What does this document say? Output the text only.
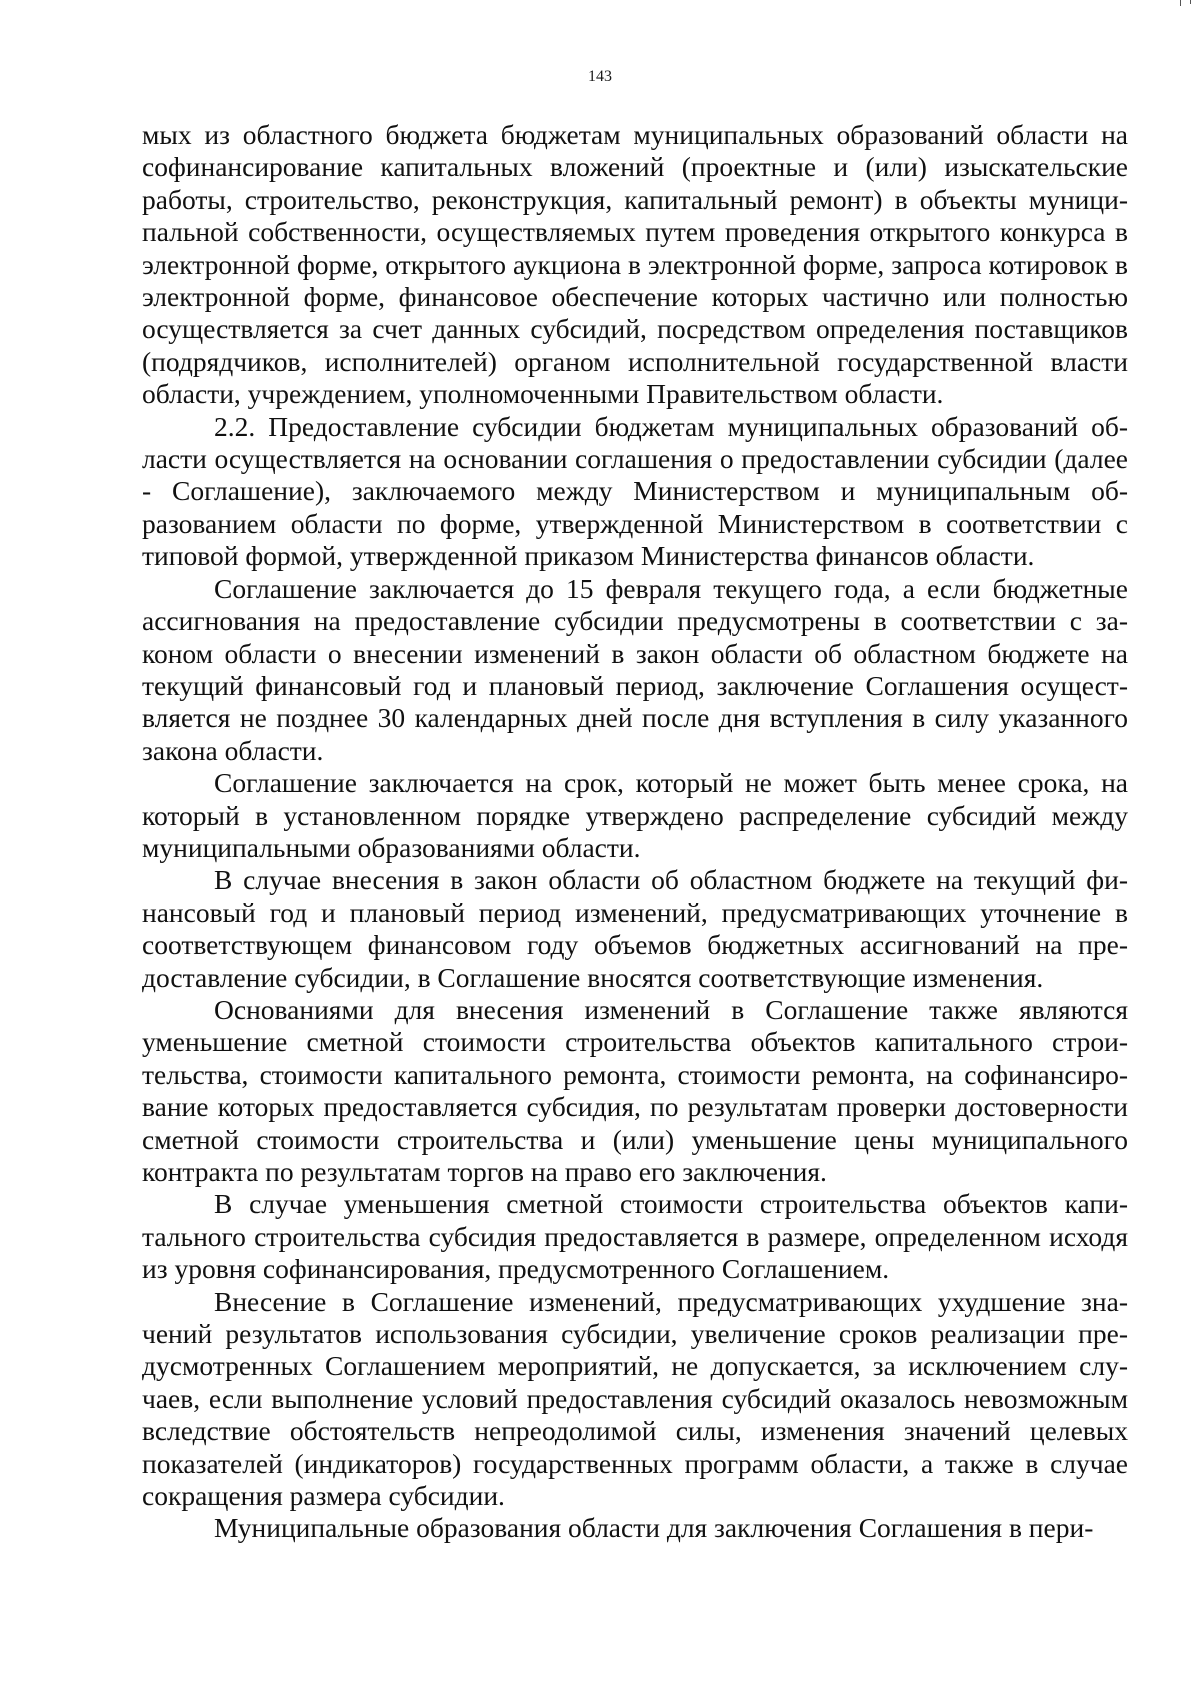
143

мых из областного бюджета бюджетам муниципальных образований области на софинансирование капитальных вложений (проектные и (или) изыскательские работы, строительство, реконструкция, капитальный ремонт) в объекты муниципальной собственности, осуществляемых путем проведения открытого конкурса в электронной форме, открытого аукциона в электронной форме, запроса котировок в электронной форме, финансовое обеспечение которых частично или полностью осуществляется за счет данных субсидий, посредством определения поставщиков (подрядчиков, исполнителей) органом исполнительной государственной власти области, учреждением, уполномоченными Правительством области.

2.2. Предоставление субсидии бюджетам муниципальных образований области осуществляется на основании соглашения о предоставлении субсидии (далее - Соглашение), заключаемого между Министерством и муниципальным образованием области по форме, утвержденной Министерством в соответствии с типовой формой, утвержденной приказом Министерства финансов области.

Соглашение заключается до 15 февраля текущего года, а если бюджетные ассигнования на предоставление субсидии предусмотрены в соответствии с законом области о внесении изменений в закон области об областном бюджете на текущий финансовый год и плановый период, заключение Соглашения осуществляется не позднее 30 календарных дней после дня вступления в силу указанного закона области.

Соглашение заключается на срок, который не может быть менее срока, на который в установленном порядке утверждено распределение субсидий между муниципальными образованиями области.

В случае внесения в закон области об областном бюджете на текущий финансовый год и плановый период изменений, предусматривающих уточнение в соответствующем финансовом году объемов бюджетных ассигнований на предоставление субсидии, в Соглашение вносятся соответствующие изменения.

Основаниями для внесения изменений в Соглашение также являются уменьшение сметной стоимости строительства объектов капитального строительства, стоимости капитального ремонта, стоимости ремонта, на софинансирование которых предоставляется субсидия, по результатам проверки достоверности сметной стоимости строительства и (или) уменьшение цены муниципального контракта по результатам торгов на право его заключения.

В случае уменьшения сметной стоимости строительства объектов капитального строительства субсидия предоставляется в размере, определенном исходя из уровня софинансирования, предусмотренного Соглашением.

Внесение в Соглашение изменений, предусматривающих ухудшение значений результатов использования субсидии, увеличение сроков реализации предусмотренных Соглашением мероприятий, не допускается, за исключением случаев, если выполнение условий предоставления субсидий оказалось невозможным вследствие обстоятельств непреодолимой силы, изменения значений целевых показателей (индикаторов) государственных программ области, а также в случае сокращения размера субсидии.

Муниципальные образования области для заключения Соглашения в пери-
